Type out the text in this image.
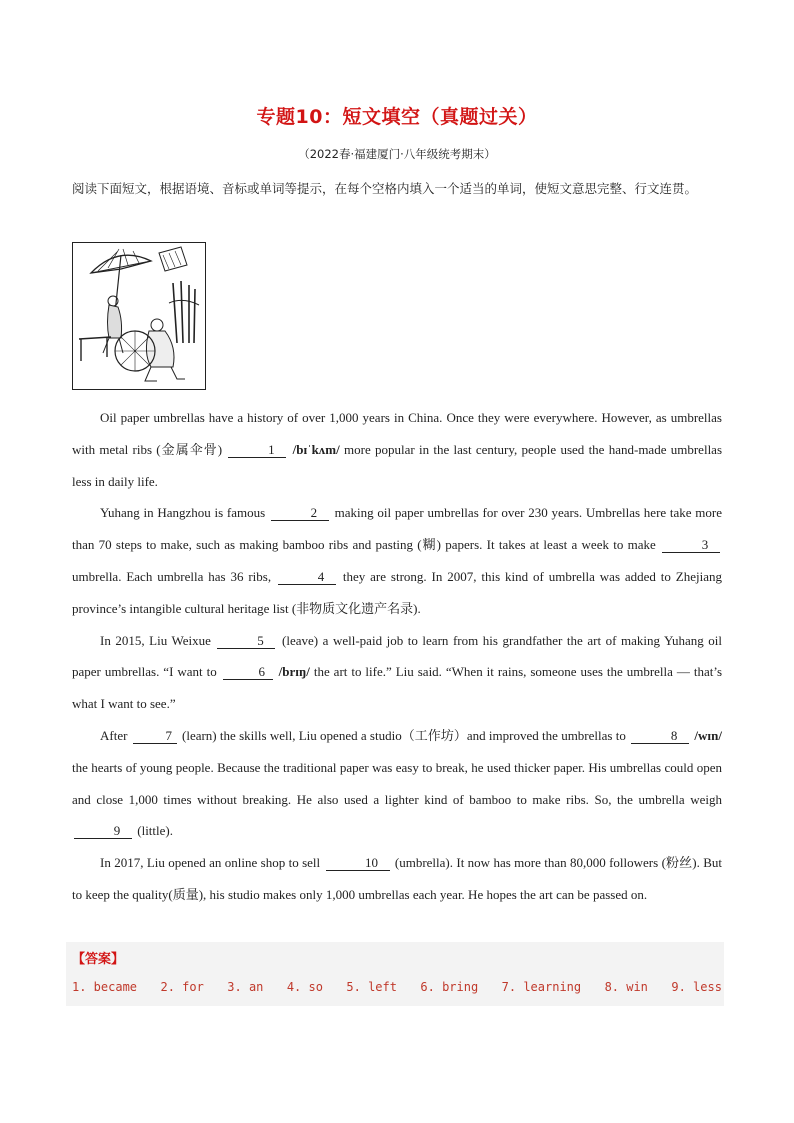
专题10：短文填空（真题过关）
（2022春·福建厦门·八年级统考期末）
阅读下面短文，根据语境、音标或单词等提示，在每个空格内填入一个适当的单词，使短文意思完整、行文连贯。

Oil paper umbrellas have a history of over 1,000 years in China. Once they were everywhere. However, as umbrellas with metal ribs (金属伞骨)	1 /bɪˈkʌm/ more popular in the last century, people used the hand-made umbrellas less in daily life.

Yuhang in Hangzhou is famous	2 making oil paper umbrellas for over 230 years. Umbrellas here take more than 70 steps to make, such as making bamboo ribs and pasting (糊) papers. It takes at least a week to make	3 umbrella. Each umbrella has 36 ribs,	4 they are strong. In 2007, this kind of umbrella was added to Zhejiang province’s intangible cultural heritage list (非物质文化遗产名录).

In 2015, Liu Weixue	5 (leave) a well-paid job to learn from his grandfather the art of making Yuhang oil paper umbrellas. “I want to	6 /brɪŋ/ the art to life.” Liu said. “When it rains, someone uses the umbrella — that’s what I want to see.”

After	7 (learn) the skills well, Liu opened a studio（工作坊）and improved the umbrellas to	8 /wɪn/ the hearts of young people. Because the traditional paper was easy to break, he used thicker paper. His umbrellas could open and close 1,000 times without breaking. He also used a lighter kind of bamboo to make ribs. So, the umbrella weigh 9 (little).

In 2017, Liu opened an online shop to sell	10 (umbrella). It now has more than 80,000 followers (粉丝). But to keep the quality(质量), his studio makes only 1,000 umbrellas each year. He hopes the art can be passed on.

【答案】
1. became 2. for 3. an 4. so 5. left 6. bring 7. learning 8. win 9. less
